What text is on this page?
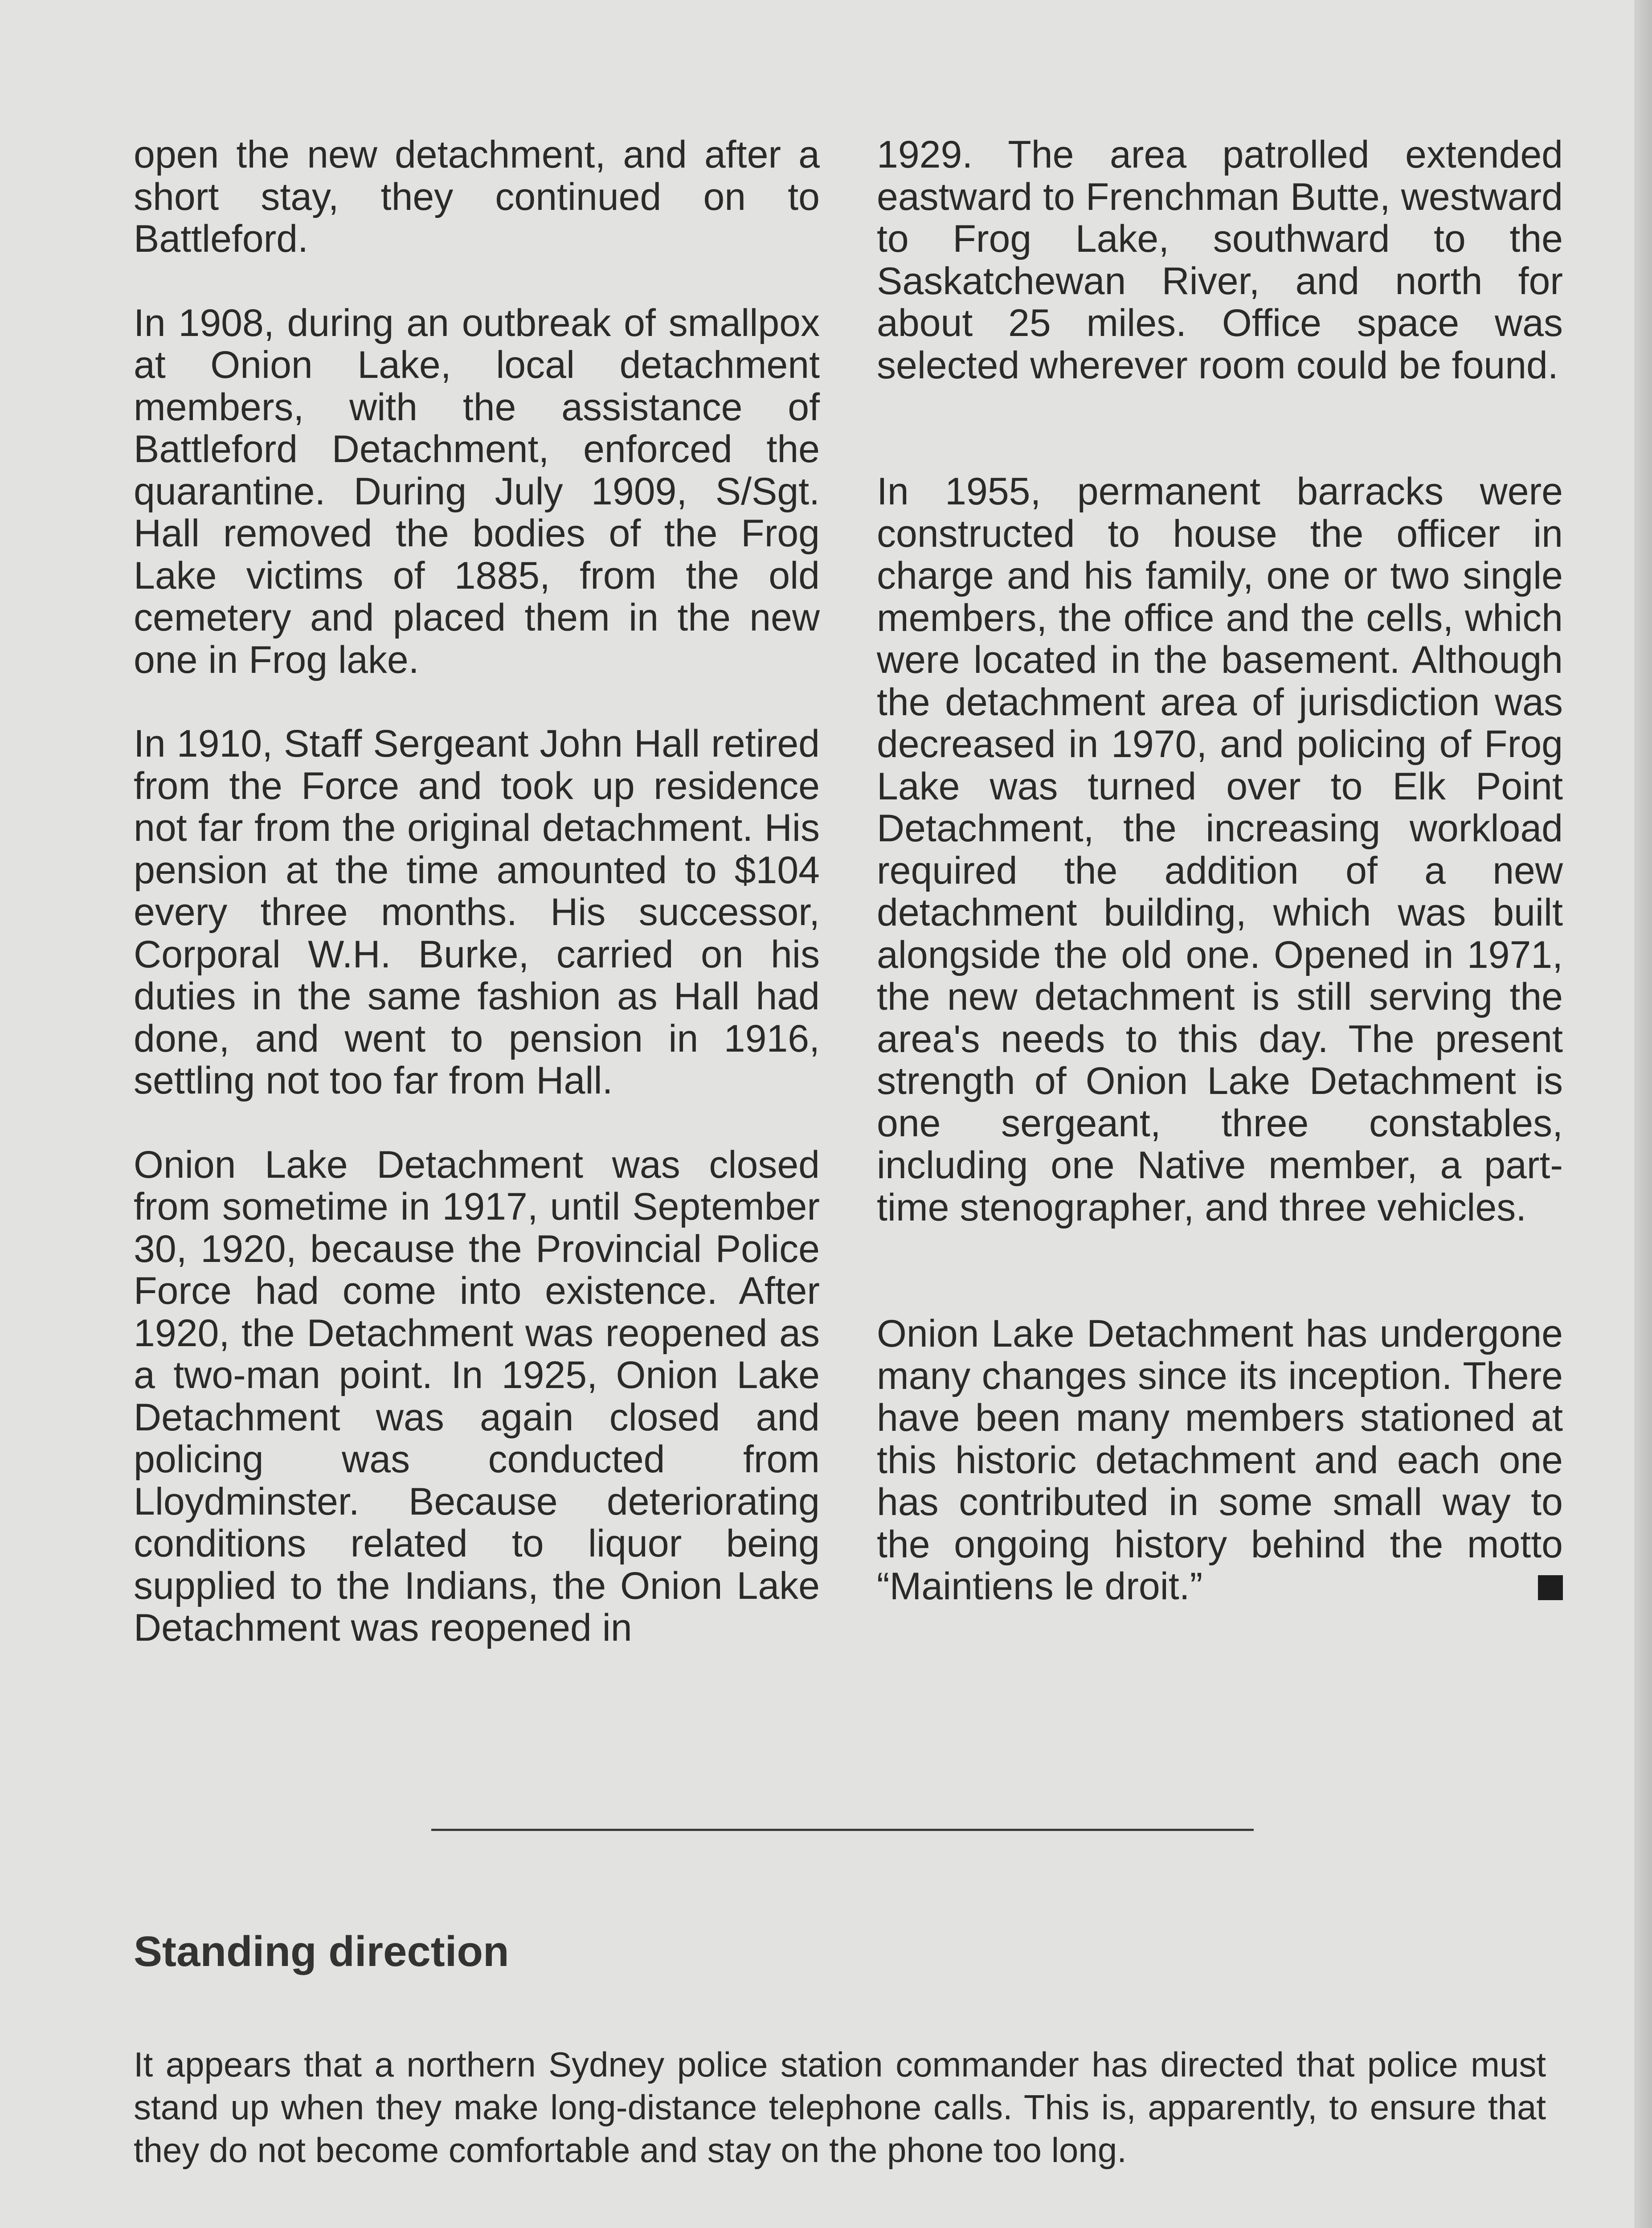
open the new detachment, and after a short stay, they continued on to Battleford.

In 1908, during an outbreak of smallpox at Onion Lake, local detachment members, with the assistance of Battleford Detachment, enforced the quarantine. During July 1909, S/Sgt. Hall removed the bodies of the Frog Lake victims of 1885, from the old cemetery and placed them in the new one in Frog lake.

In 1910, Staff Sergeant John Hall retired from the Force and took up residence not far from the original detachment. His pension at the time amounted to $104 every three months. His successor, Corporal W.H. Burke, carried on his duties in the same fashion as Hall had done, and went to pension in 1916, settling not too far from Hall.

Onion Lake Detachment was closed from sometime in 1917, until September 30, 1920, because the Provincial Police Force had come into existence. After 1920, the Detachment was reopened as a two-man point. In 1925, Onion Lake Detachment was again closed and policing was conducted from Lloydminster. Because deteriorating conditions related to liquor being supplied to the Indians, the Onion Lake Detachment was reopened in

1929. The area patrolled extended eastward to Frenchman Butte, westward to Frog Lake, southward to the Saskatchewan River, and north for about 25 miles. Office space was selected wherever room could be found.

In 1955, permanent barracks were constructed to house the officer in charge and his family, one or two single members, the office and the cells, which were located in the basement. Although the detachment area of jurisdiction was decreased in 1970, and policing of Frog Lake was turned over to Elk Point Detachment, the increasing workload required the addition of a new detachment building, which was built alongside the old one. Opened in 1971, the new detachment is still serving the area's needs to this day. The present strength of Onion Lake Detachment is one sergeant, three constables, including one Native member, a part-time stenographer, and three vehicles.

Onion Lake Detachment has undergone many changes since its inception. There have been many members stationed at this historic detachment and each one has contributed in some small way to the ongoing history behind the motto “Maintiens le droit.”

Standing direction

It appears that a northern Sydney police station commander has directed that police must stand up when they make long-distance telephone calls. This is, apparently, to ensure that they do not become comfortable and stay on the phone too long.
